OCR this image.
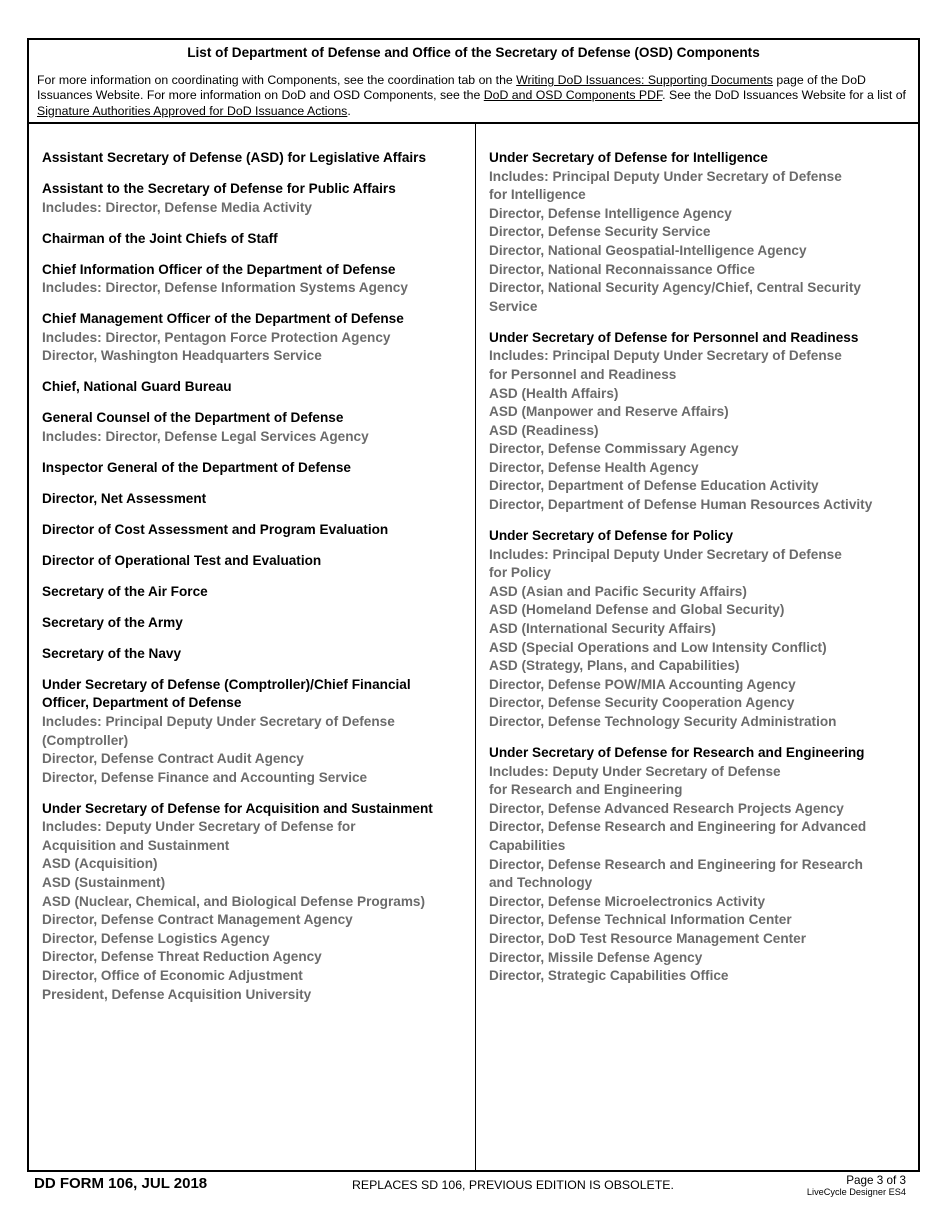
List of Department of Defense and Office of the Secretary of Defense (OSD) Components
For more information on coordinating with Components, see the coordination tab on the Writing DoD Issuances: Supporting Documents page of the DoD Issuances Website. For more information on DoD and OSD Components, see the DoD and OSD Components PDF. See the DoD Issuances Website for a list of Signature Authorities Approved for DoD Issuance Actions.
Assistant Secretary of Defense (ASD) for Legislative Affairs
Assistant to the Secretary of Defense for Public Affairs
Includes: Director, Defense Media Activity
Chairman of the Joint Chiefs of Staff
Chief Information Officer of the Department of Defense
Includes: Director, Defense Information Systems Agency
Chief Management Officer of the Department of Defense
Includes: Director, Pentagon Force Protection Agency
Director, Washington Headquarters Service
Chief, National Guard Bureau
General Counsel of the Department of Defense
Includes: Director, Defense Legal Services Agency
Inspector General of the Department of Defense
Director, Net Assessment
Director of Cost Assessment and Program Evaluation
Director of Operational Test and Evaluation
Secretary of the Air Force
Secretary of the Army
Secretary of the Navy
Under Secretary of Defense (Comptroller)/Chief Financial
Officer, Department of Defense
Includes: Principal Deputy Under Secretary of Defense
(Comptroller)
Director, Defense Contract Audit Agency
Director, Defense Finance and Accounting Service
Under Secretary of Defense for Acquisition and Sustainment
Includes: Deputy Under Secretary of Defense for
Acquisition and Sustainment
ASD (Acquisition)
ASD (Sustainment)
ASD (Nuclear, Chemical, and Biological Defense Programs)
Director, Defense Contract Management Agency
Director, Defense Logistics Agency
Director, Defense Threat Reduction Agency
Director, Office of Economic Adjustment
President, Defense Acquisition University
Under Secretary of Defense for Intelligence
Includes: Principal Deputy Under Secretary of Defense
for Intelligence
Director, Defense Intelligence Agency
Director, Defense Security Service
Director, National Geospatial-Intelligence Agency
Director, National Reconnaissance Office
Director, National Security Agency/Chief, Central Security
Service
Under Secretary of Defense for Personnel and Readiness
Includes: Principal Deputy Under Secretary of Defense
for Personnel and Readiness
ASD (Health Affairs)
ASD (Manpower and Reserve Affairs)
ASD (Readiness)
Director, Defense Commissary Agency
Director, Defense Health Agency
Director, Department of Defense Education Activity
Director, Department of Defense Human Resources Activity
Under Secretary of Defense for Policy
Includes: Principal Deputy Under Secretary of Defense
for Policy
ASD (Asian and Pacific Security Affairs)
ASD (Homeland Defense and Global Security)
ASD (International Security Affairs)
ASD (Special Operations and Low Intensity Conflict)
ASD (Strategy, Plans, and Capabilities)
Director, Defense POW/MIA Accounting Agency
Director, Defense Security Cooperation Agency
Director, Defense Technology Security Administration
Under Secretary of Defense for Research and Engineering
Includes: Deputy Under Secretary of Defense
for Research and Engineering
Director, Defense Advanced Research Projects Agency
Director, Defense Research and Engineering for Advanced
Capabilities
Director, Defense Research and Engineering for Research
and Technology
Director, Defense Microelectronics Activity
Director, Defense Technical Information Center
Director, DoD Test Resource Management Center
Director, Missile Defense Agency
Director, Strategic Capabilities Office
DD FORM 106, JUL 2018	REPLACES SD 106, PREVIOUS EDITION IS OBSOLETE.	Page 3 of 3
LiveCycle Designer ES4
